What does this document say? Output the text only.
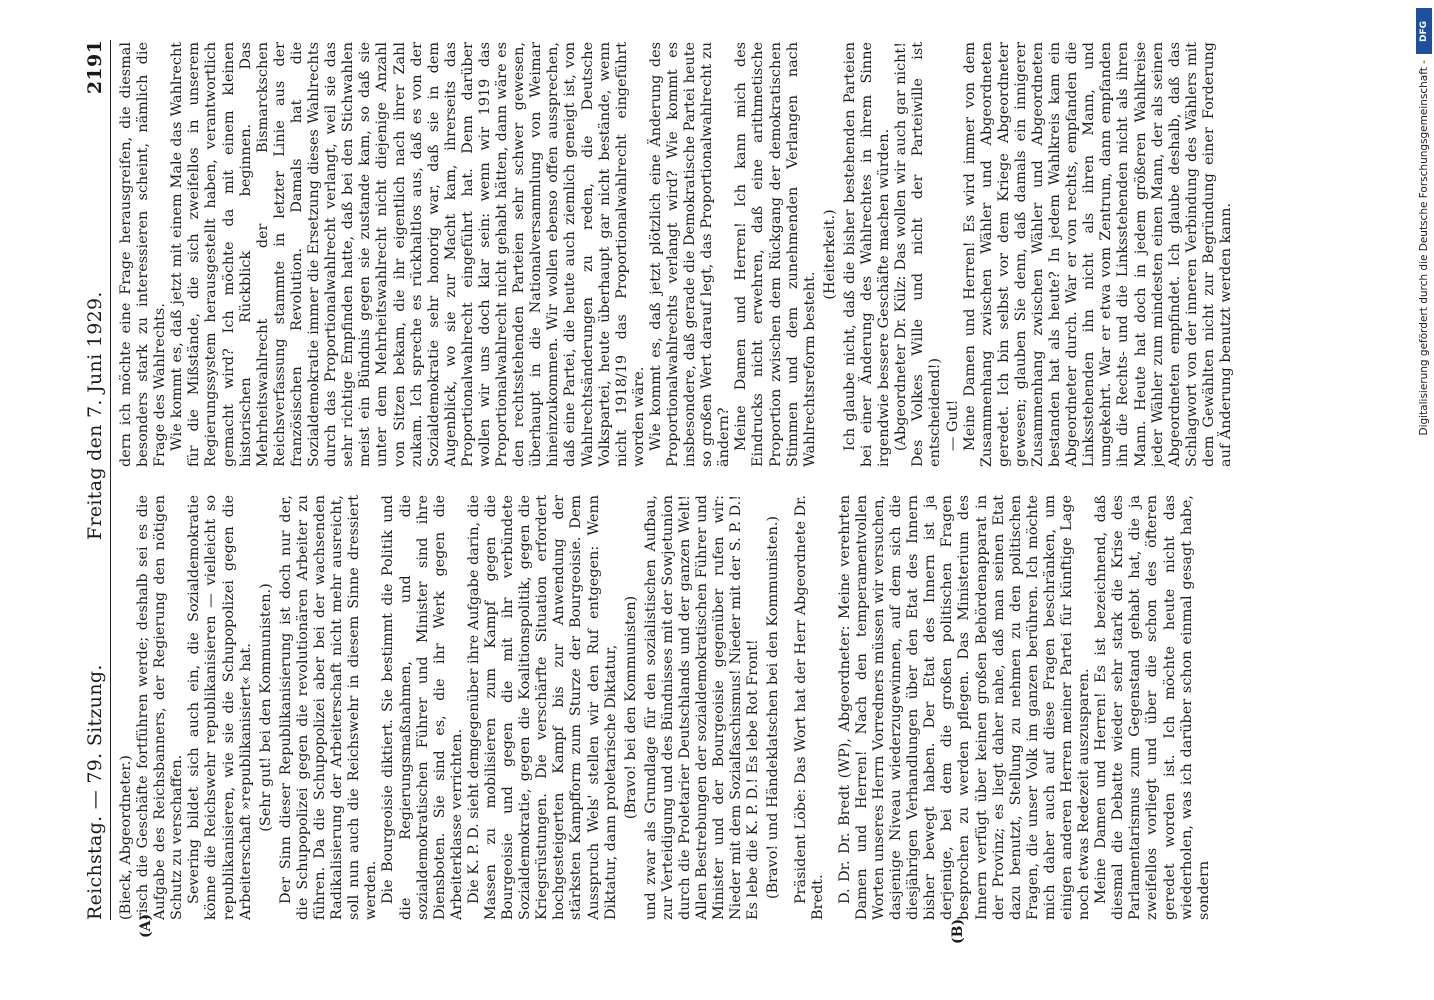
Reichstag. — 79. Sitzung.
Freitag den 7. Juni 1929.
2191
(A)	(B)

(Bieck, Abgeordneter.) risch die Geschäfte fortführen werde; deshalb sei es die Aufgabe des Reichsbanners, der Regierung den nötigen Schutz zu verschaffen. Severing bildet sich auch ein, die Sozialdemokratie könne die Reichswehr republikanisieren — vielleicht so republikanisieren, wie sie die Schupopolizei gegen die Arbeiterschaft »republikanisiert« hat. (Sehr gut! bei den Kommunisten.) Der Sinn dieser Republikanisierung ist doch nur der, die Schupopolizei gegen die revolutionären Arbeiter zu führen. Da die Schupopolizei aber bei der wachsenden Radikalisierung der Arbeiterschaft nicht mehr ausreicht, soll nun auch die Reichswehr in diesem Sinne dressiert werden. Die Bourgeoisie diktiert. Sie bestimmt die Politik und die Regierungsmaßnahmen, und die sozialdemokratischen Führer und Minister sind ihre Diensboten. Sie sind es, die ihr Werk gegen die Arbeiterklasse verrichten. Die K. P. D. sieht demgegenüber ihre Aufgabe darin, die Massen zu mobilisieren zum Kampf gegen die Bourgeoisie und gegen die mit ihr verbündete Sozialdemokratie, gegen die Koalitionspolitik, gegen die Kriegsrüstungen. Die verschärfte Situation erfordert hochgesteigerten Kampf bis zur Anwendung der stärksten Kampfform zum Sturze der Bourgeoisie. Dem Ausspruch Wels' stellen wir den Ruf entgegen: Wenn Diktatur, dann proletarische Diktatur, (Bravo! bei den Kommunisten) und zwar als Grundlage für den sozialistischen Aufbau, zur Verteidigung und des Bündnisses mit der Sowjetunion durch die Proletarier Deutschlands und der ganzen Welt! Allen Bestrebungen der sozialdemokratischen Führer und Minister und der Bourgeoisie gegenüber rufen wir: Nieder mit dem Sozialfaschismus! Nieder mit der S. P. D.! Es lebe die K. P. D.! Es lebe Rot Front! (Bravo! und Händeklatschen bei den Kommunisten.) Präsident Löbe: Das Wort hat der Herr Abgeordnete Dr. Bredt. D. Dr. Dr. Bredt (WP), Abgeordneter: Meine verehrten Damen und Herren! Nach den temperamentvollen Worten unseres Herrn Vorredners müssen wir versuchen, dasjenige Niveau wiederzugewinnen, auf dem sich die diesjährigen Verhandlungen über den Etat des Innern bisher bewegt haben. Der Etat des Innern ist ja derjenige, bei dem die großen politischen Fragen besprochen zu werden pflegen. Das Ministerium des Innern verfügt über keinen großen Behördenapparat in der Provinz; es liegt daher nahe, daß man seinen Etat dazu benutzt, Stellung zu nehmen zu den politischen Fragen, die unser Volk im ganzen berühren. Ich möchte mich daher auch auf diese Fragen beschränken, um einigen anderen Herren meiner Partei für künftige Lage noch etwas Redezeit auszusparen. Meine Damen und Herren! Es ist bezeichnend, daß diesmal die Debatte wieder sehr stark die Krise des Parlamentarismus zum Gegenstand gehabt hat, die ja zweifellos vorliegt und über die schon des öfteren geredet worden ist. Ich möchte heute nicht das wiederholen, was ich darüber schon einmal gesagt habe, sondern

dern ich möchte eine Frage herausgreifen, die diesmal besonders stark zu interessieren scheint, nämlich die Frage des Wahlrechts. Wie kommt es, daß jetzt mit einem Male das Wahlrecht für die Mißstände, die sich zweifellos in unserem Regierungssystem herausgestellt haben, verantwortlich gemacht wird? Ich möchte da mit einem kleinen historischen Rückblick beginnen. Das Mehrheitswahlrecht der Bismarckschen Reichsverfassung stammte in letzter Linie aus der französischen Revolution. Damals hat die Sozialdemokratie immer die Ersetzung dieses Wahlrechts durch das Proportionalwahlrecht verlangt, weil sie das sehr richtige Empfinden hatte, daß bei den Stichwahlen meist ein Bündnis gegen sie zustande kam, so daß sie unter dem Mehrheitswahlrecht nicht diejenige Anzahl von Sitzen bekam, die ihr eigentlich nach ihrer Zahl zukam. Ich spreche es rückhaltlos aus, daß es von der Sozialdemokratie sehr honorig war, daß sie in dem Augenblick, wo sie zur Macht kam, ihrerseits das Proportionalwahlrecht eingeführt hat. Denn darüber wollen wir uns doch klar sein: wenn wir 1919 das Proportionalwahlrecht nicht gehabt hätten, dann wäre es den rechtsstehenden Parteien sehr schwer gewesen, überhaupt in die Nationalversammlung von Weimar hineinzukommen. Wir wollen ebenso offen aussprechen, daß eine Partei, die heute auch ziemlich geneigt ist, von Wahlrechtsänderungen zu reden, die Deutsche Volkspartei, heute überhaupt gar nicht bestände, wenn nicht 1918/19 das Proportionalwahlrecht eingeführt worden wäre. Wie kommt es, daß jetzt plötzlich eine Änderung des Proportionalwahlrechts verlangt wird? Wie kommt es insbesondere, daß gerade die Demokratische Partei heute so großen Wert darauf legt, das Proportionalwahlrecht zu ändern? Meine Damen und Herren! Ich kann mich des Eindrucks nicht erwehren, daß eine arithmetische Proportion zwischen dem Rückgang der demokratischen Stimmen und dem zunehmenden Verlangen nach Wahlrechtsreform besteht.

(Heiterkeit.) Ich glaube nicht, daß die bisher bestehenden Parteien bei einer Änderung des Wahlrechtes in ihrem Sinne irgendwie bessere Geschäfte machen würden. (Abgeordneter Dr. Külz: Das wollen wir auch gar nicht! Des Volkes Wille und nicht der Parteiwille ist entscheidend!) — Gut! Meine Damen und Herren! Es wird immer von dem Zusammenhang zwischen Wähler und Abgeordneten geredet. Ich bin selbst vor dem Kriege Abgeordneter gewesen; glauben Sie denn, daß damals ein innigerer Zusammenhang zwischen Wähler und Abgeordneten bestanden hat als heute? In jedem Wahlkreis kam ein Abgeordneter durch. War er von rechts, empfanden die Linksstehenden ihn nicht als ihren Mann, und umgekehrt. War er etwa vom Zentrum, dann empfanden ihn die Rechts- und die Linksstehenden nicht als ihren Mann. Heute hat doch in jedem größeren Wahlkreise jeder Wähler zum mindesten einen Mann, der als seinen Abgeordneten empfindet. Ich glaube deshalb, daß das Schlagwort von der inneren Verbindung des Wählers mit dem Gewählten nicht zur Begründung einer Forderung auf Änderung benutzt werden kann.	Digitalisierung gefördert durch die Deutsche Forschungsgemeinschaft -
DFG
